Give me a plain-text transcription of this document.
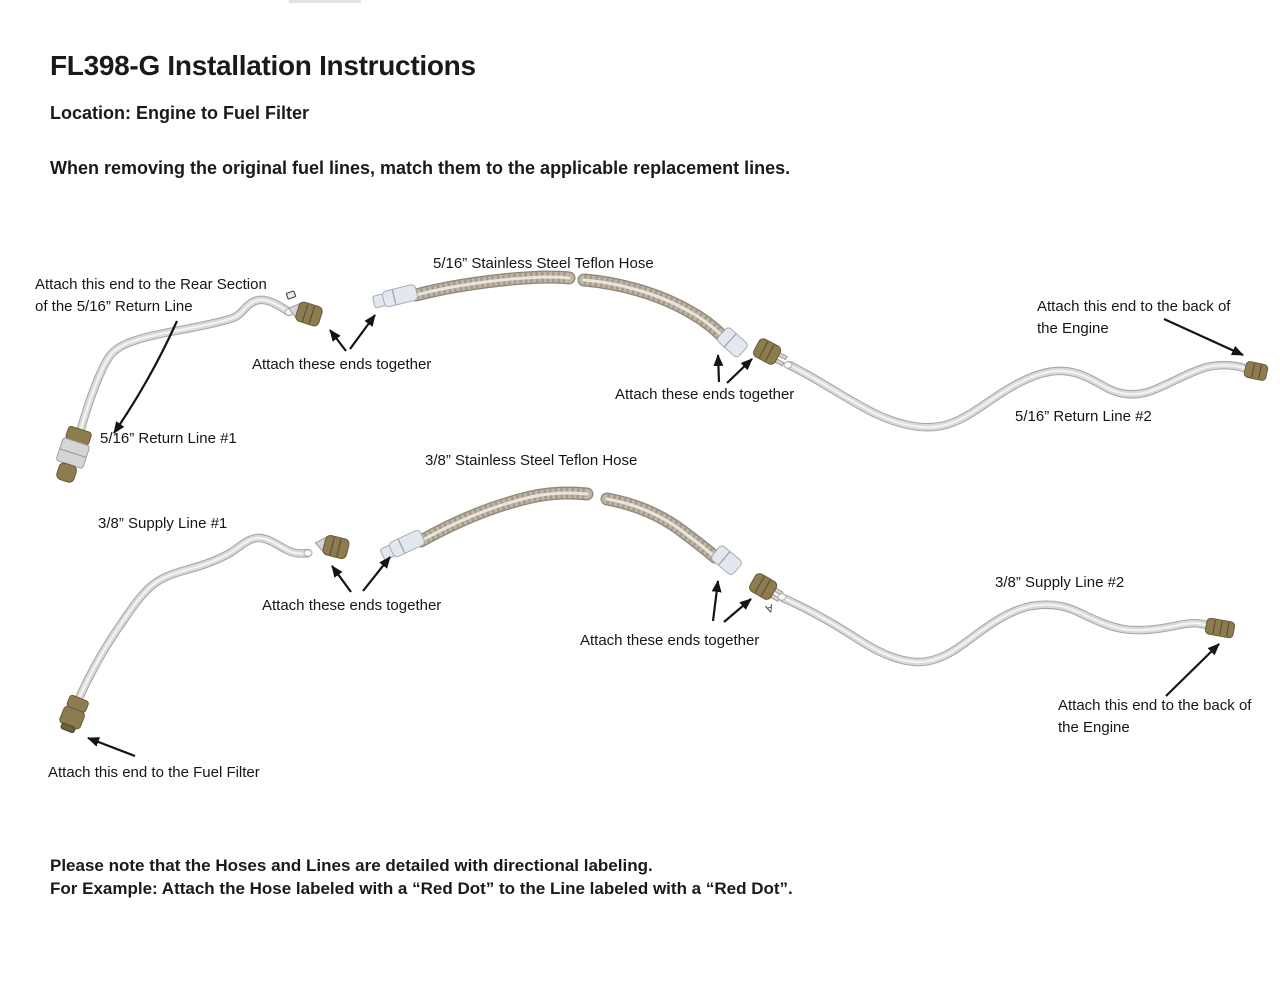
FL398-G Installation Instructions
Location: Engine to Fuel Filter
When removing the original fuel lines, match them to the applicable replacement lines.
A
5/16” Stainless Steel Teflon Hose
Attach this end to the Rear Section
of the 5/16” Return Line
Attach these ends together
5/16” Return Line #1
Attach these ends together
Attach this end to the back of
the Engine
5/16” Return Line #2
3/8” Stainless Steel Teflon Hose
3/8” Supply Line #1
Attach these ends together
Attach these ends together
3/8” Supply Line #2
Attach this end to the back of
the Engine
Attach this end to the Fuel Filter
Please note that the Hoses and Lines are detailed with directional labeling.
For Example: Attach the Hose labeled with a “Red Dot” to the Line labeled with a “Red Dot”.
